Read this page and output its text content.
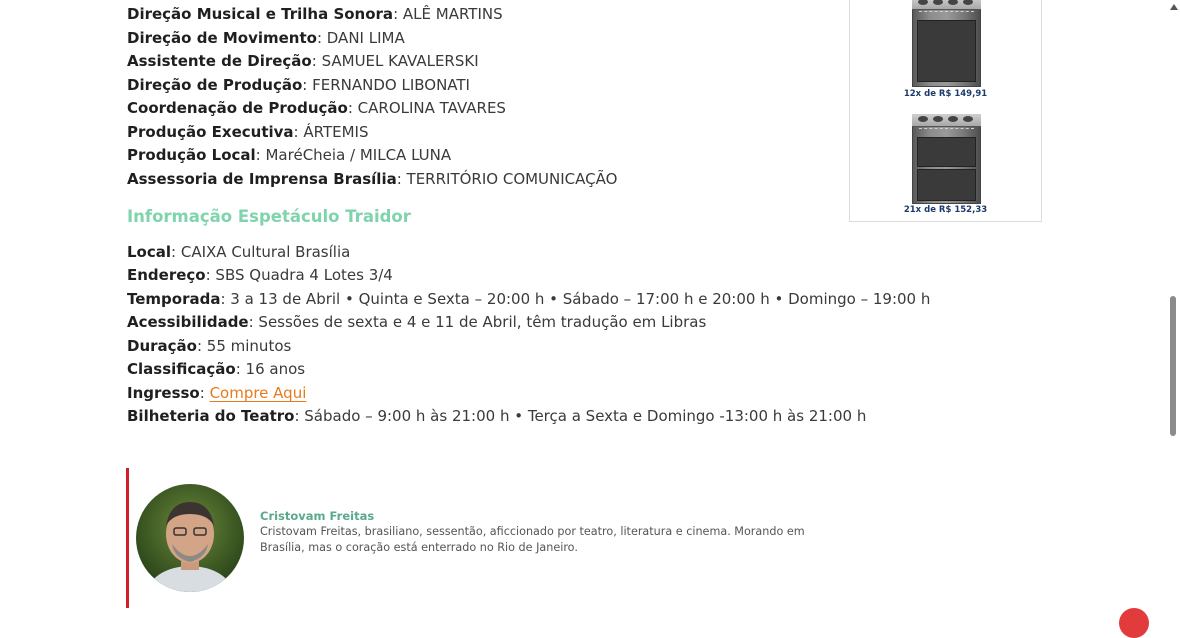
Direção Musical e Trilha Sonora: ALÊ MARTINS
Direção de Movimento: DANI LIMA
Assistente de Direção: SAMUEL KAVALERSKI
Direção de Produção: FERNANDO LIBONATI
Coordenação de Produção: CAROLINA TAVARES
Produção Executiva: ÁRTEMIS
Produção Local: MaréCheia / MILCA LUNA
Assessoria de Imprensa Brasília: TERRITÓRIO COMUNICAÇÃO
Informação Espetáculo Traidor
Local: CAIXA Cultural Brasília
Endereço: SBS Quadra 4 Lotes 3/4
Temporada: 3 a 13 de Abril • Quinta e Sexta – 20:00 h • Sábado – 17:00 h e 20:00 h • Domingo – 19:00 h
Acessibilidade: Sessões de sexta e 4 e 11 de Abril, têm tradução em Libras
Duração: 55 minutos
Classificação: 16 anos
Ingresso: Compre Aqui
Bilheteria do Teatro: Sábado – 9:00 h às 21:00 h • Terça a Sexta e Domingo -13:00 h às 21:00 h
12x de R$ 149,91
21x de R$ 152,33
Cristovam Freitas
Cristovam Freitas, brasiliano, sessentão, aficcionado por teatro, literatura e cinema. Morando em Brasília, mas o coração está enterrado no Rio de Janeiro.
